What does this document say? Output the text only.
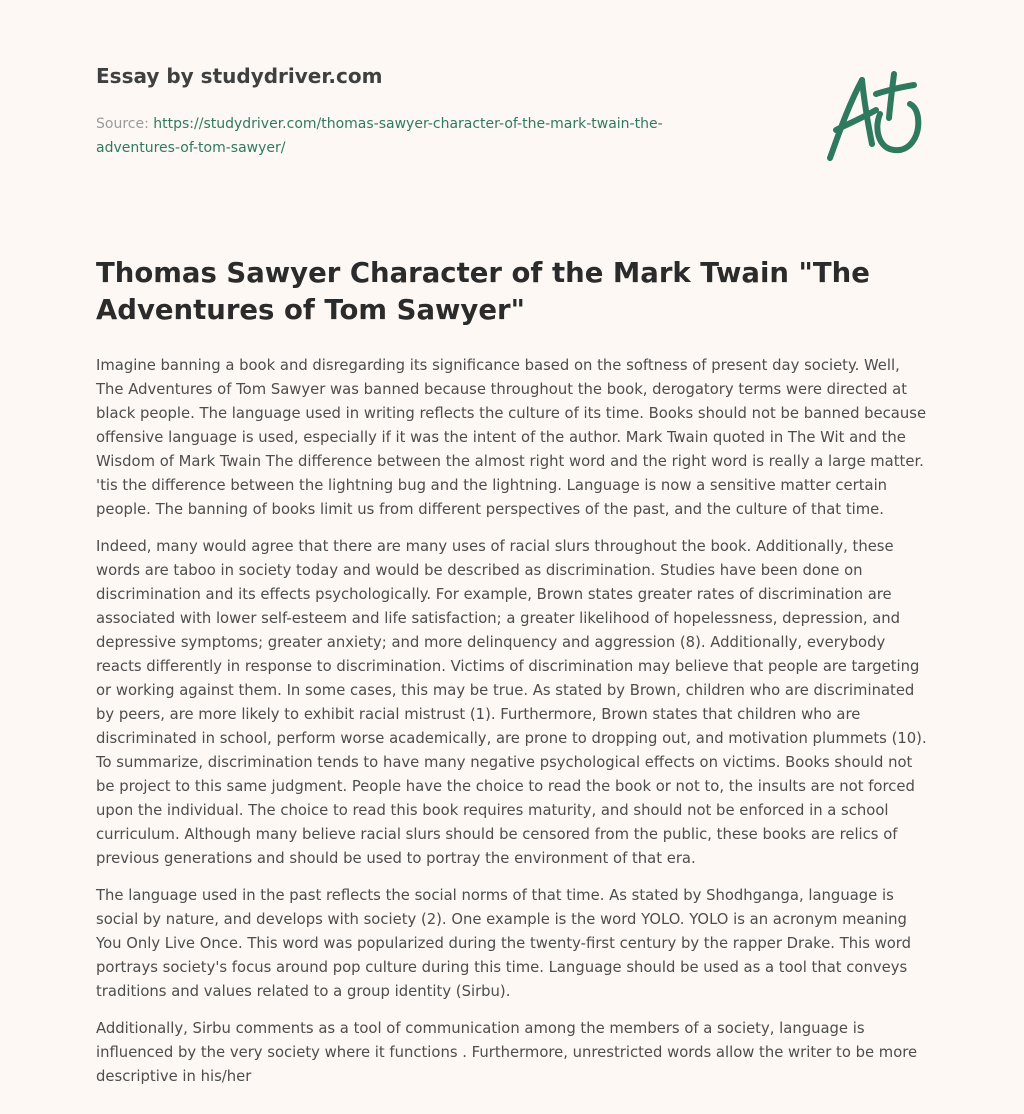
Essay by studydriver.com
Source: https://studydriver.com/thomas-sawyer-character-of-the-mark-twain-the-adventures-of-tom-sawyer/
Thomas Sawyer Character of the Mark Twain "The Adventures of Tom Sawyer"

Imagine banning a book and disregarding its significance based on the softness of present day society. Well, The Adventures of Tom Sawyer was banned because throughout the book, derogatory terms were directed at black people. The language used in writing reflects the culture of its time. Books should not be banned because offensive language is used, especially if it was the intent of the author. Mark Twain quoted in The Wit and the Wisdom of Mark Twain The difference between the almost right word and the right word is really a large matter. 'tis the difference between the lightning bug and the lightning. Language is now a sensitive matter certain people. The banning of books limit us from different perspectives of the past, and the culture of that time.

Indeed, many would agree that there are many uses of racial slurs throughout the book. Additionally, these words are taboo in society today and would be described as discrimination. Studies have been done on discrimination and its effects psychologically. For example, Brown states greater rates of discrimination are associated with lower self-esteem and life satisfaction; a greater likelihood of hopelessness, depression, and depressive symptoms; greater anxiety; and more delinquency and aggression (8). Additionally, everybody reacts differently in response to discrimination. Victims of discrimination may believe that people are targeting or working against them. In some cases, this may be true. As stated by Brown, children who are discriminated by peers, are more likely to exhibit racial mistrust (1). Furthermore, Brown states that children who are discriminated in school, perform worse academically, are prone to dropping out, and motivation plummets (10). To summarize, discrimination tends to have many negative psychological effects on victims. Books should not be project to this same judgment. People have the choice to read the book or not to, the insults are not forced upon the individual. The choice to read this book requires maturity, and should not be enforced in a school curriculum. Although many believe racial slurs should be censored from the public, these books are relics of previous generations and should be used to portray the environment of that era.

The language used in the past reflects the social norms of that time. As stated by Shodhganga, language is social by nature, and develops with society (2). One example is the word YOLO. YOLO is an acronym meaning You Only Live Once. This word was popularized during the twenty-first century by the rapper Drake. This word portrays society's focus around pop culture during this time. Language should be used as a tool that conveys traditions and values related to a group identity (Sirbu).

Additionally, Sirbu comments as a tool of communication among the members of a society, language is influenced by the very society where it functions . Furthermore, unrestricted words allow the writer to be more descriptive in his/her
